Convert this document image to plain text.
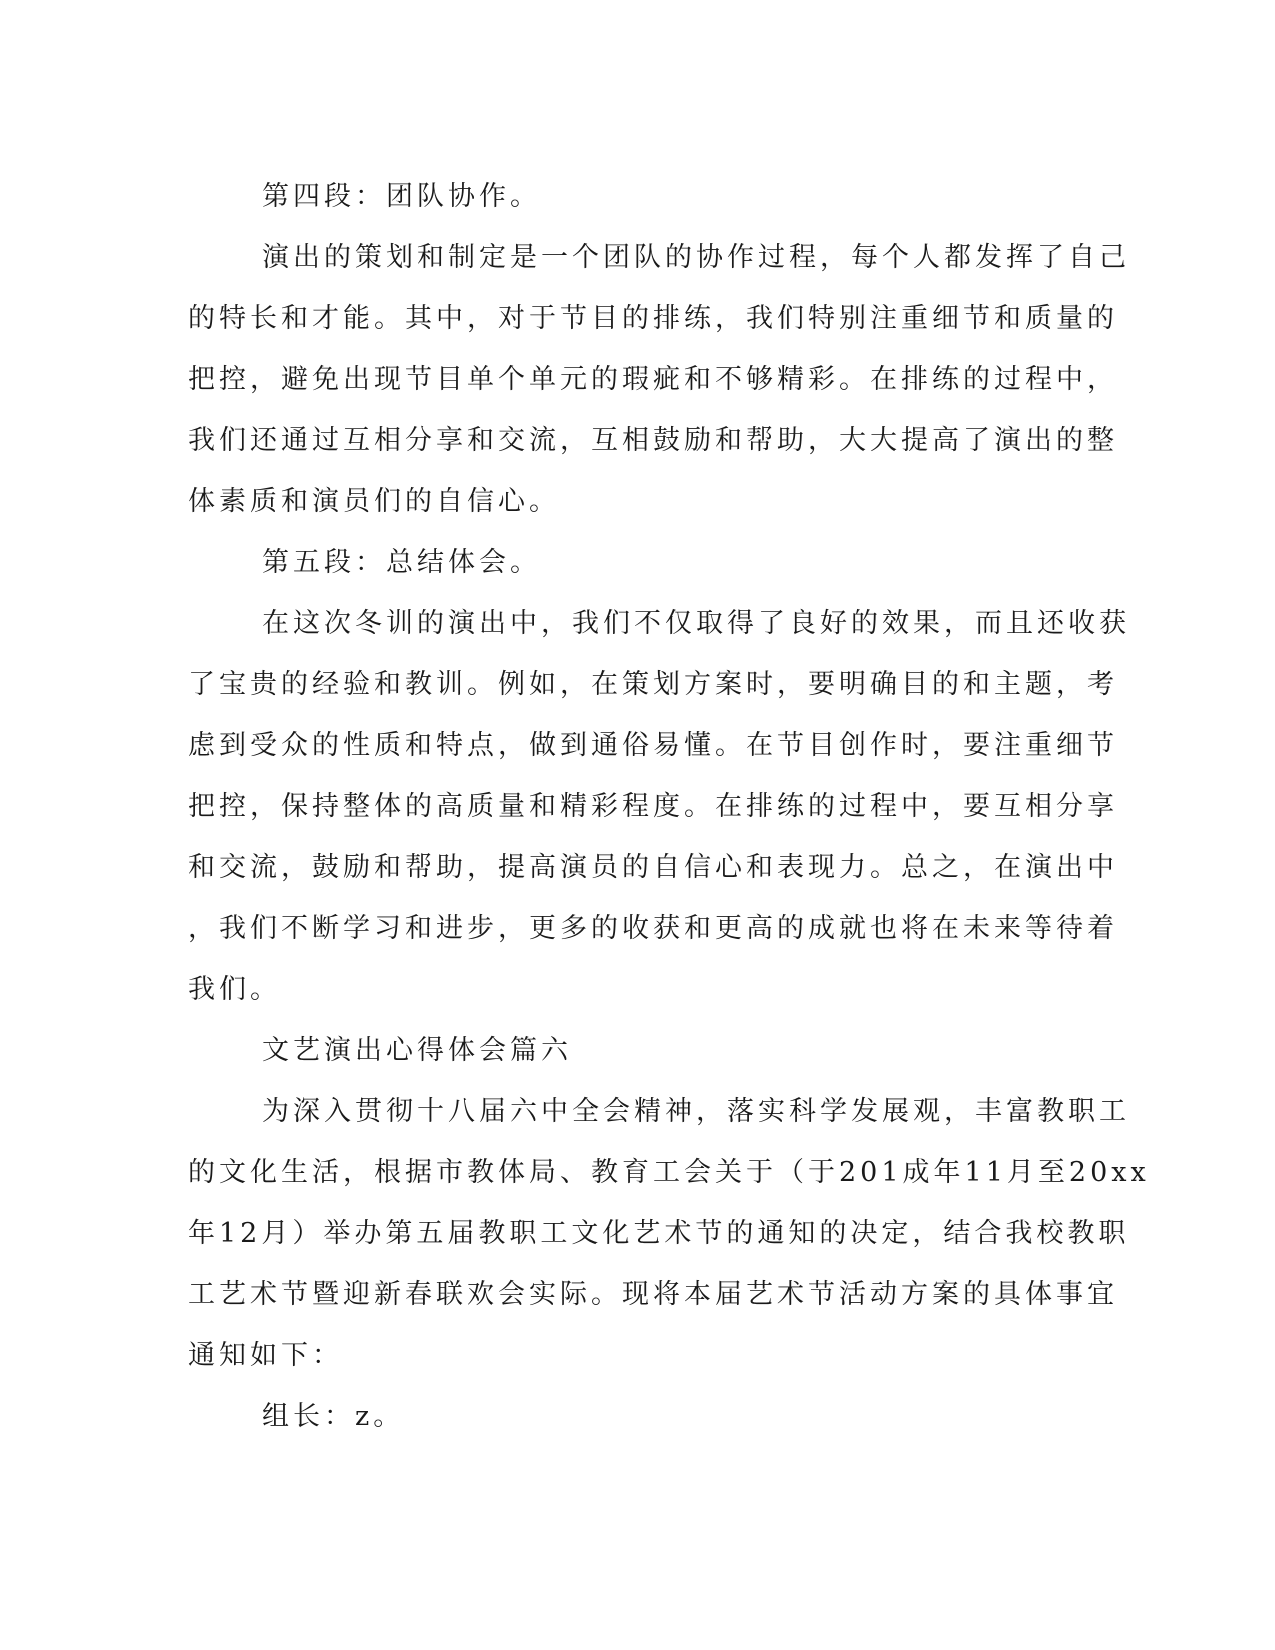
第四段：团队协作。
演出的策划和制定是一个团队的协作过程，每个人都发挥了自己
的特长和才能。其中，对于节目的排练，我们特别注重细节和质量的
把控，避免出现节目单个单元的瑕疵和不够精彩。在排练的过程中，
我们还通过互相分享和交流，互相鼓励和帮助，大大提高了演出的整
体素质和演员们的自信心。
第五段：总结体会。
在这次冬训的演出中，我们不仅取得了良好的效果，而且还收获
了宝贵的经验和教训。例如，在策划方案时，要明确目的和主题，考
虑到受众的性质和特点，做到通俗易懂。在节目创作时，要注重细节
把控，保持整体的高质量和精彩程度。在排练的过程中，要互相分享
和交流，鼓励和帮助，提高演员的自信心和表现力。总之，在演出中
，我们不断学习和进步，更多的收获和更高的成就也将在未来等待着
我们。
文艺演出心得体会篇六
为深入贯彻十八届六中全会精神，落实科学发展观，丰富教职工
的文化生活，根据市教体局、教育工会关于（于201成年11月至20xx
年12月）举办第五届教职工文化艺术节的通知的决定，结合我校教职
工艺术节暨迎新春联欢会实际。现将本届艺术节活动方案的具体事宜
通知如下：
组长：z。
